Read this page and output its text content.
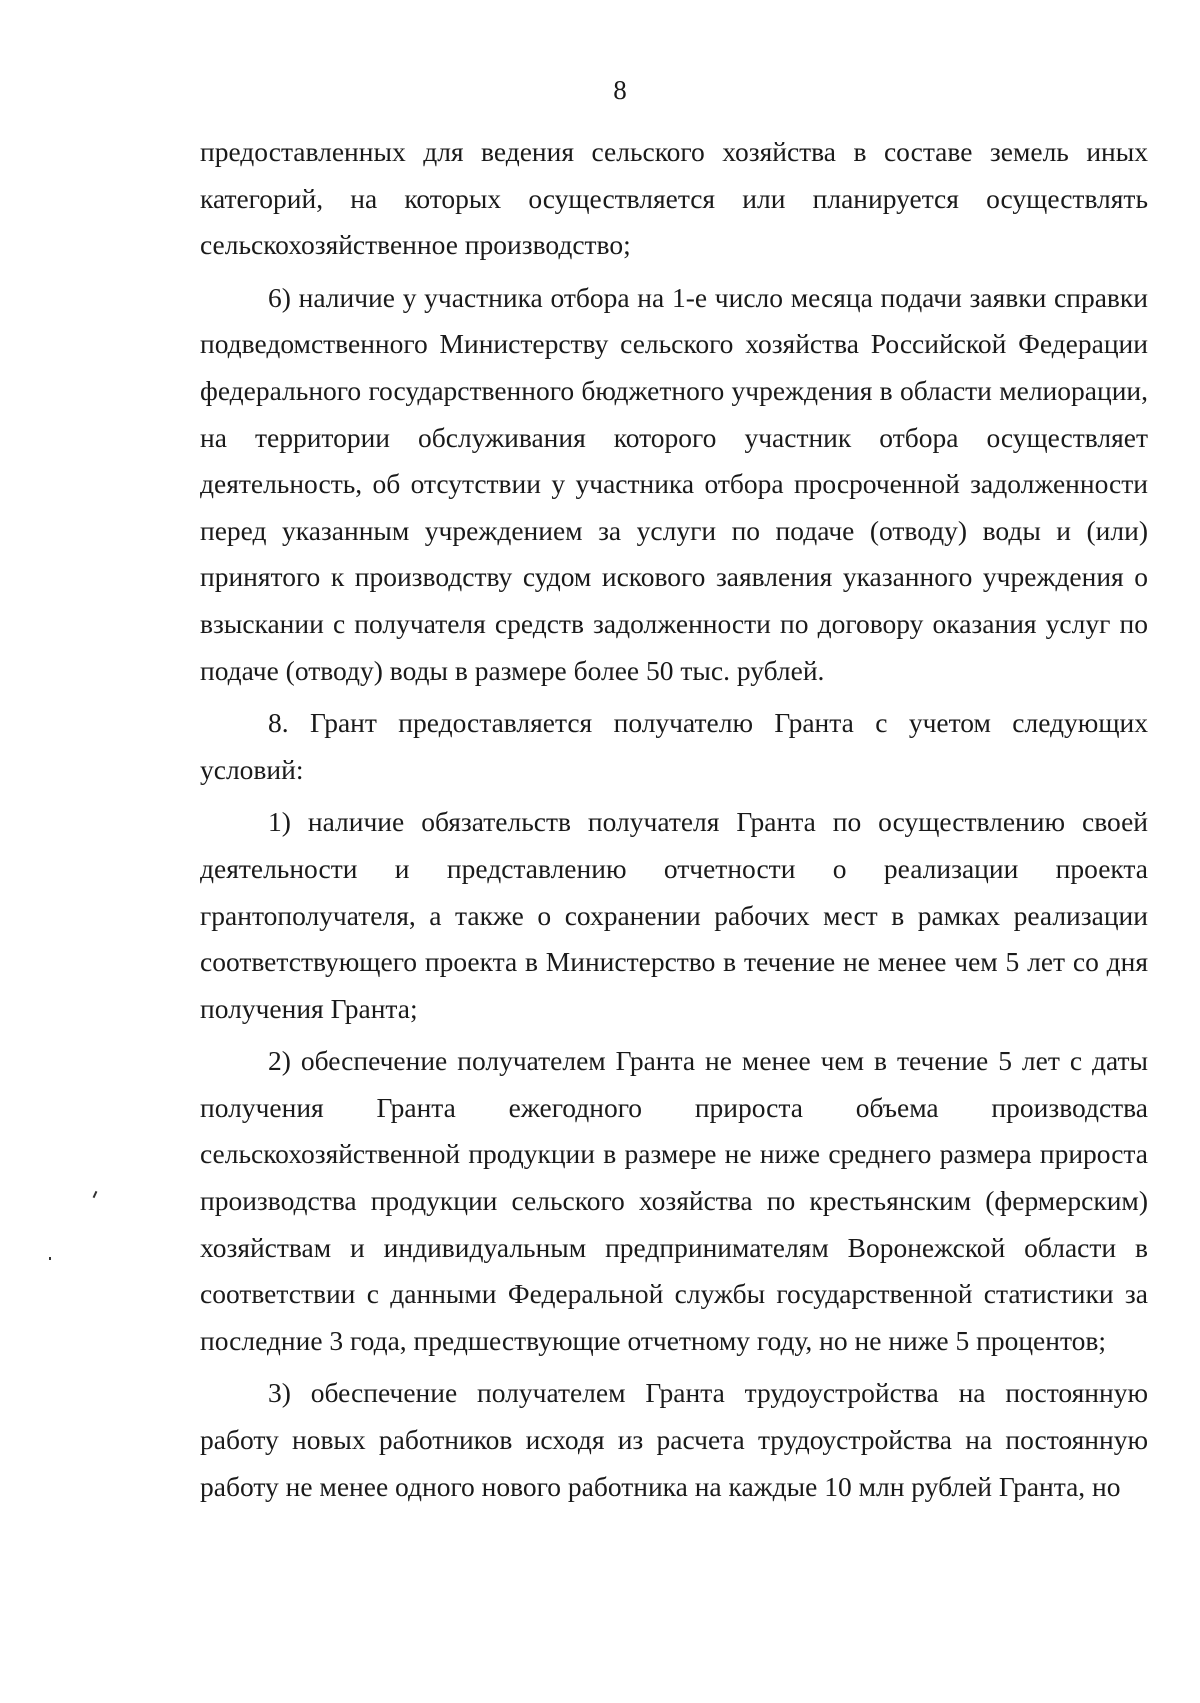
8

предоставленных для ведения сельского хозяйства в составе земель иных категорий, на которых осуществляется или планируется осуществлять сельскохозяйственное производство;

6) наличие у участника отбора на 1-е число месяца подачи заявки справки подведомственного Министерству сельского хозяйства Российской Федерации федерального государственного бюджетного учреждения в области мелиорации, на территории обслуживания которого участник отбора осуществляет деятельность, об отсутствии у участника отбора просроченной задолженности перед указанным учреждением за услуги по подаче (отводу) воды и (или) принятого к производству судом искового заявления указанного учреждения о взыскании с получателя средств задолженности по договору оказания услуг по подаче (отводу) воды в размере более 50 тыс. рублей.

8. Грант предоставляется получателю Гранта с учетом следующих условий:

1) наличие обязательств получателя Гранта по осуществлению своей деятельности и представлению отчетности о реализации проекта грантополучателя, а также о сохранении рабочих мест в рамках реализации соответствующего проекта в Министерство в течение не менее чем 5 лет со дня получения Гранта;

2) обеспечение получателем Гранта не менее чем в течение 5 лет с даты получения Гранта ежегодного прироста объема производства сельскохозяйственной продукции в размере не ниже среднего размера прироста производства продукции сельского хозяйства по крестьянским (фермерским) хозяйствам и индивидуальным предпринимателям Воронежской области в соответствии с данными Федеральной службы государственной статистики за последние 3 года, предшествующие отчетному году, но не ниже 5 процентов;

3) обеспечение получателем Гранта трудоустройства на постоянную работу новых работников исходя из расчета трудоустройства на постоянную работу не менее одного нового работника на каждые 10 млн рублей Гранта, но
